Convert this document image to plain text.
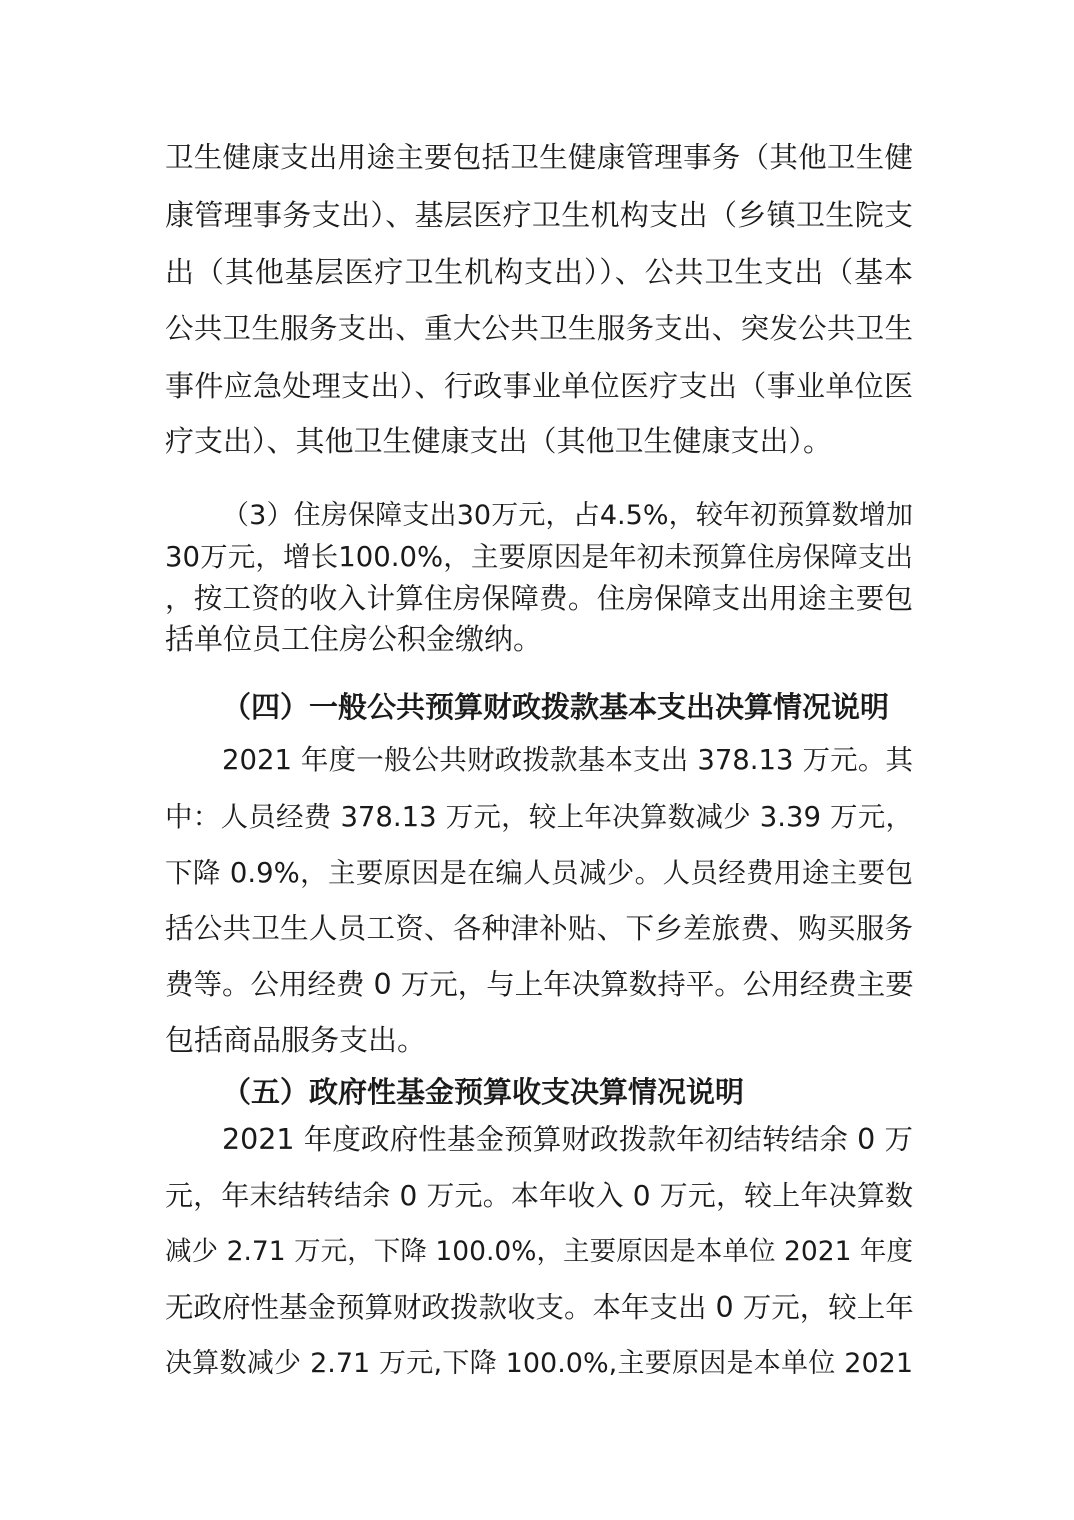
卫生健康支出用途主要包括卫生健康管理事务（其他卫生健
康管理事务支出）、基层医疗卫生机构支出（乡镇卫生院支
出（其他基层医疗卫生机构支出））、公共卫生支出（基本
公共卫生服务支出、重大公共卫生服务支出、突发公共卫生
事件应急处理支出）、行政事业单位医疗支出（事业单位医
疗支出）、其他卫生健康支出（其他卫生健康支出）。
（3）住房保障支出30万元，占4.5%，较年初预算数增加
30万元，增长100.0%，主要原因是年初未预算住房保障支出
，按工资的收入计算住房保障费。住房保障支出用途主要包
括单位员工住房公积金缴纳。
（四）一般公共预算财政拨款基本支出决算情况说明
2021 年度一般公共财政拨款基本支出 378.13 万元。其
中：人员经费 378.13 万元，较上年决算数减少 3.39 万元，
下降 0.9%，主要原因是在编人员减少。人员经费用途主要包
括公共卫生人员工资、各种津补贴、下乡差旅费、购买服务
费等。公用经费 0 万元，与上年决算数持平。公用经费主要
包括商品服务支出。
（五）政府性基金预算收支决算情况说明
2021 年度政府性基金预算财政拨款年初结转结余 0 万
元，年末结转结余 0 万元。本年收入 0 万元，较上年决算数
减少 2.71 万元，下降 100.0%，主要原因是本单位 2021 年度
无政府性基金预算财政拨款收支。本年支出 0 万元，较上年
决算数减少 2.71 万元,下降 100.0%,主要原因是本单位 2021
